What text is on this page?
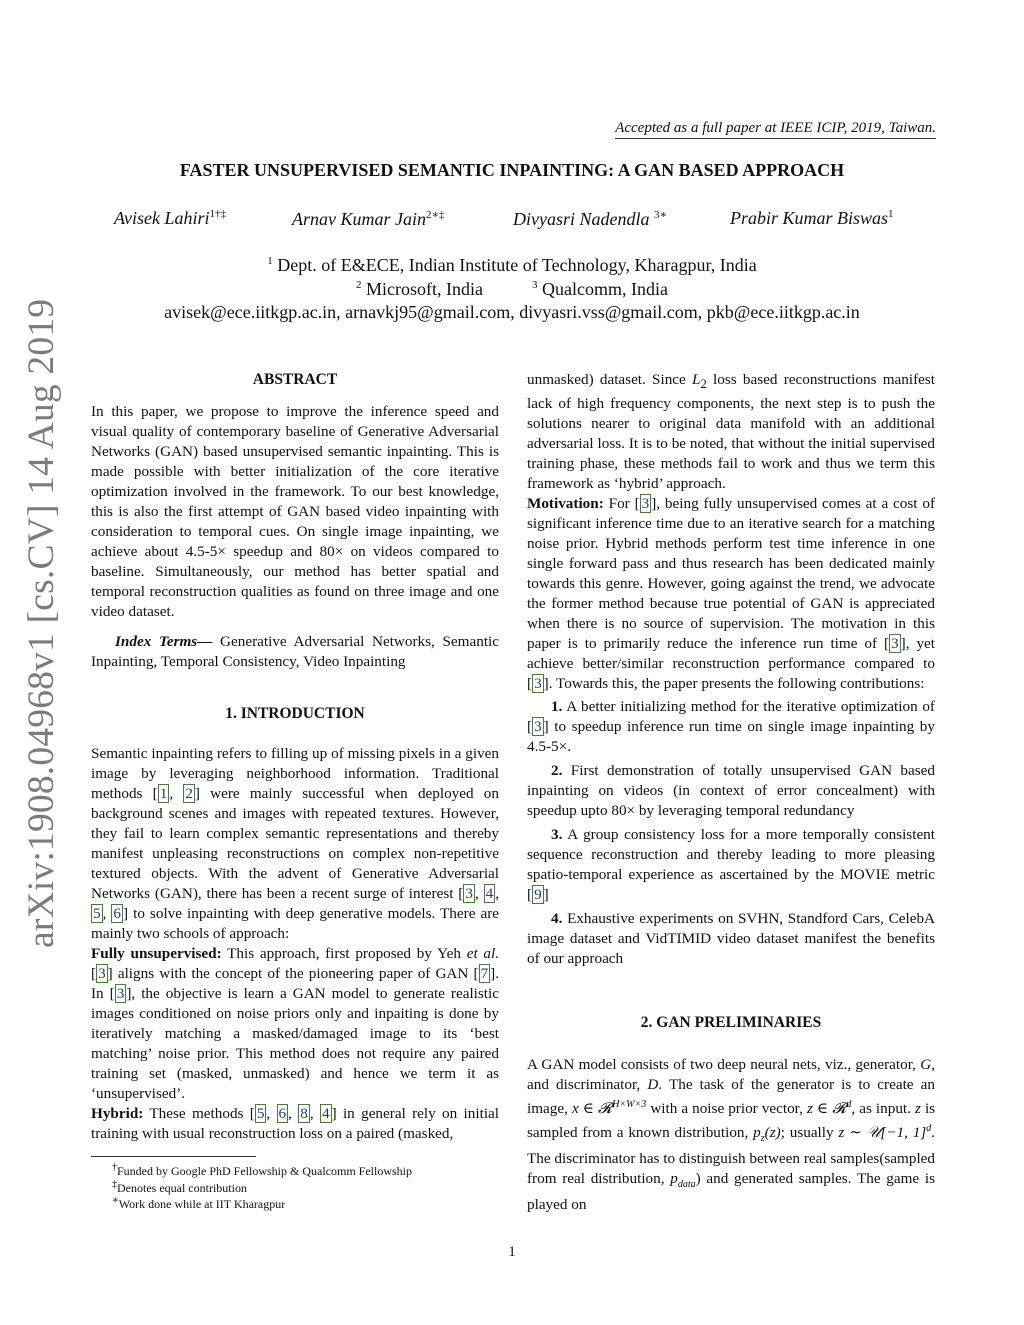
arXiv:1908.04968v1 [cs.CV] 14 Aug 2019
Accepted as a full paper at IEEE ICIP, 2019, Taiwan.
FASTER UNSUPERVISED SEMANTIC INPAINTING: A GAN BASED APPROACH
Avisek Lahiri$^{1\dagger\ddagger}$	Arnav Kumar Jain$^{2∗\ddagger}$	Divyasri Nadendla $^{3∗}$	Prabir Kumar Biswas$^1$
$^1$ Dept. of E&ECE, Indian Institute of Technology, Kharagpur, India
$^2$ Microsoft, India	$^3$ Qualcomm, India
avisek@ece.iitkgp.ac.in, arnavkj95@gmail.com, divyasri.vss@gmail.com, pkb@ece.iitkgp.ac.in

ABSTRACT

In this paper, we propose to improve the inference speed and visual quality of contemporary baseline of Generative Adversarial Networks (GAN) based unsupervised semantic inpainting. This is made possible with better initialization of the core iterative optimization involved in the framework. To our best knowledge, this is also the first attempt of GAN based video inpainting with consideration to temporal cues. On single image inpainting, we achieve about 4.5-5× speedup and 80× on videos compared to baseline. Simultaneously, our method has better spatial and temporal reconstruction qualities as found on three image and one video dataset.

Index Terms— Generative Adversarial Networks, Semantic Inpainting, Temporal Consistency, Video Inpainting

1. INTRODUCTION

Semantic inpainting refers to filling up of missing pixels in a given image by leveraging neighborhood information. Traditional methods [ 1 , 2 ] were mainly successful when deployed on background scenes and images with repeated textures. However, they fail to learn complex semantic representations and thereby manifest unpleasing reconstructions on complex non-repetitive textured objects. With the advent of Generative Adversarial Networks (GAN), there has been a recent surge of interest [ 3 , 4 , 5 , 6 ] to solve inpainting with deep generative models. There are mainly two schools of approach:

Fully unsupervised: This approach, first proposed by Yeh et al. [ 3 ] aligns with the concept of the pioneering paper of GAN [ 7 ]. In [ 3 ], the objective is learn a GAN model to generate realistic images conditioned on noise priors only and inpaiting is done by iteratively matching a masked/damaged image to its ‘best matching’ noise prior. This method does not require any paired training set (masked, unmasked) and hence we term it as ‘unsupervised’.

Hybrid: These methods [ 5 , 6 , 8 , 4 ] in general rely on initial training with usual reconstruction loss on a paired (masked,

†Funded by Google PhD Fellowship & Qualcomm Fellowship
‡Denotes equal contribution
∗Work done while at IIT Kharagpur

unmasked) dataset. Since $L_2$ loss based reconstructions manifest lack of high frequency components, the next step is to push the solutions nearer to original data manifold with an additional adversarial loss. It is to be noted, that without the initial supervised training phase, these methods fail to work and thus we term this framework as ‘hybrid’ approach.

Motivation: For [ 3 ], being fully unsupervised comes at a cost of significant inference time due to an iterative search for a matching noise prior. Hybrid methods perform test time inference in one single forward pass and thus research has been dedicated mainly towards this genre. However, going against the trend, we advocate the former method because true potential of GAN is appreciated when there is no source of supervision. The motivation in this paper is to primarily reduce the inference run time of [ 3 ], yet achieve better/similar reconstruction performance compared to [ 3 ]. Towards this, the paper presents the following contributions:

1. A better initializing method for the iterative optimization of [ 3 ] to speedup inference run time on single image inpainting by 4.5-5×.

2. First demonstration of totally unsupervised GAN based inpainting on videos (in context of error concealment) with speedup upto 80× by leveraging temporal redundancy

3. A group consistency loss for a more temporally consistent sequence reconstruction and thereby leading to more pleasing spatio-temporal experience as ascertained by the MOVIE metric [ 9 ]

4. Exhaustive experiments on SVHN, Standford Cars, CelebA image dataset and VidTIMID video dataset manifest the benefits of our approach

2. GAN PRELIMINARIES

A GAN model consists of two deep neural nets, viz., generator, G, and discriminator, D. The task of the generator is to create an image, x ∈ 𝓡$^{H\times W\times 3}$ with a noise prior vector, z ∈ 𝓡$^d$, as input. z is sampled from a known distribution, $p_z(z)$; usually z ∼ 𝒰[−1, 1]$^d$. The discriminator has to distinguish between real samples(sampled from real distribution, $p_{data}$) and generated samples. The game is played on

1
